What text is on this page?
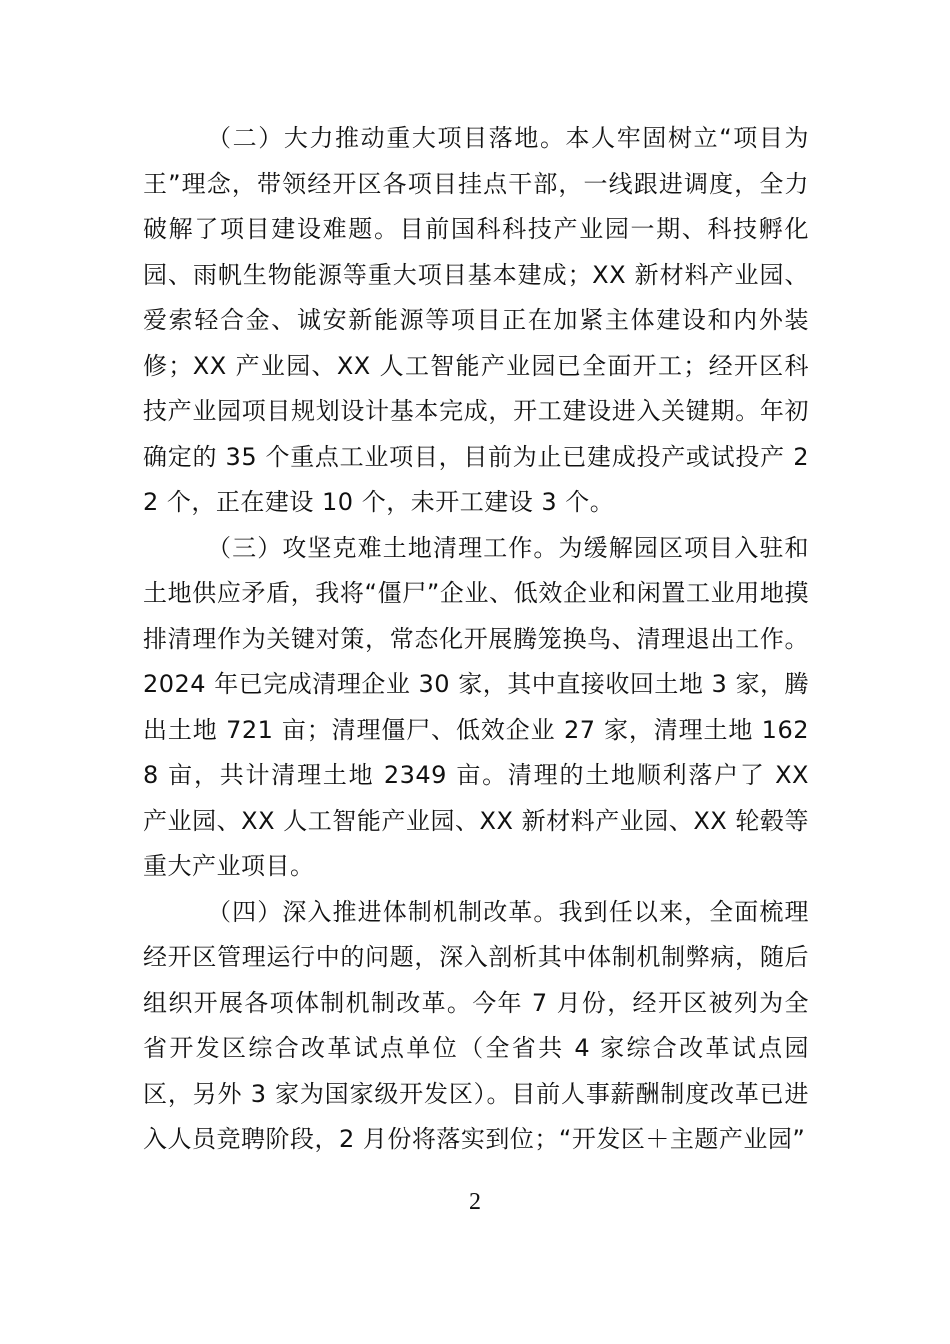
（二）大力推动重大项目落地。本人牢固树立“项目为王”理念，带领经开区各项目挂点干部，一线跟进调度，全力破解了项目建设难题。目前国科科技产业园一期、科技孵化园、雨帆生物能源等重大项目基本建成；XX 新材料产业园、爱索轻合金、诚安新能源等项目正在加紧主体建设和内外装修；XX 产业园、XX 人工智能产业园已全面开工；经开区科技产业园项目规划设计基本完成，开工建设进入关键期。年初确定的 35 个重点工业项目，目前为止已建成投产或试投产 22 个，正在建设 10 个，未开工建设 3 个。

（三）攻坚克难土地清理工作。为缓解园区项目入驻和土地供应矛盾，我将“僵尸”企业、低效企业和闲置工业用地摸排清理作为关键对策，常态化开展腾笼换鸟、清理退出工作。2024 年已完成清理企业 30 家，其中直接收回土地 3 家，腾出土地 721 亩；清理僵尸、低效企业 27 家，清理土地 1628 亩，共计清理土地 2349 亩。清理的土地顺利落户了 XX 产业园、XX 人工智能产业园、XX 新材料产业园、XX 轮毂等重大产业项目。

（四）深入推进体制机制改革。我到任以来，全面梳理经开区管理运行中的问题，深入剖析其中体制机制弊病，随后组织开展各项体制机制改革。今年 7 月份，经开区被列为全省开发区综合改革试点单位（全省共 4 家综合改革试点园区，另外 3 家为国家级开发区）。目前人事薪酬制度改革已进入人员竞聘阶段，2 月份将落实到位；“开发区＋主题产业园”

2
